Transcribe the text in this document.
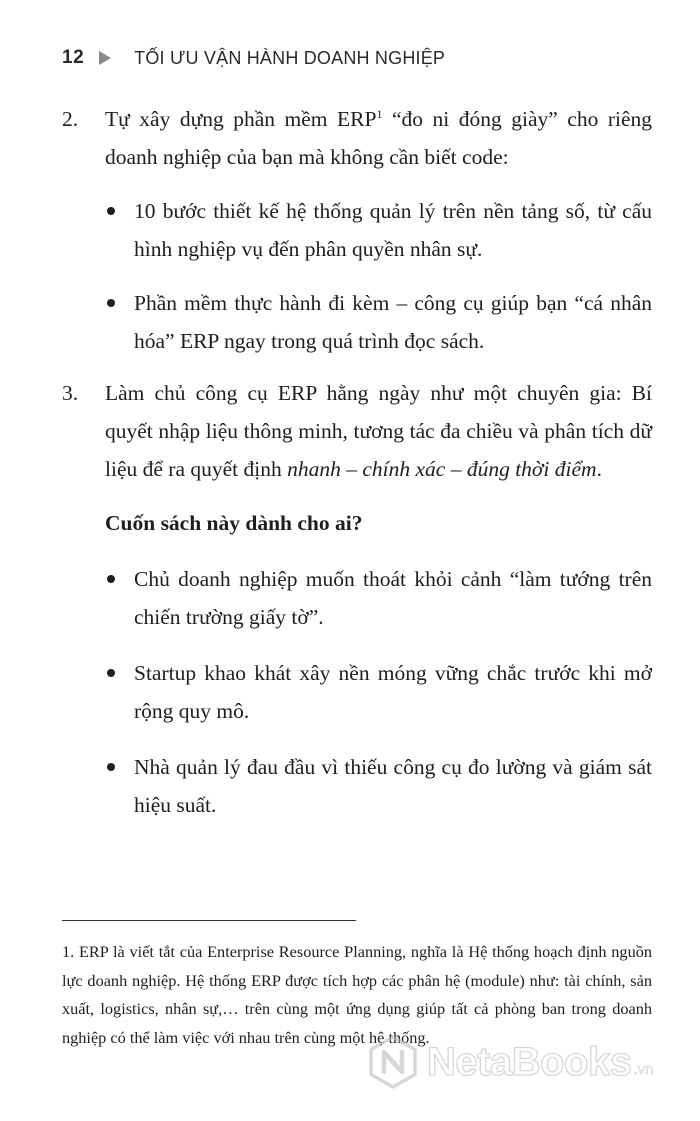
12	TỐI ƯU VẬN HÀNH DOANH NGHIỆP
2. Tự xây dựng phần mềm ERP$^1$ “đo ni đóng giày” cho riêng doanh nghiệp của bạn mà không cần biết code:

10 bước thiết kế hệ thống quản lý trên nền tảng số, từ cấu hình nghiệp vụ đến phân quyền nhân sự.
Phần mềm thực hành đi kèm – công cụ giúp bạn “cá nhân hóa” ERP ngay trong quá trình đọc sách.
3. Làm chủ công cụ ERP hằng ngày như một chuyên gia: Bí quyết nhập liệu thông minh, tương tác đa chiều và phân tích dữ liệu để ra quyết định nhanh – chính xác – đúng thời điểm.

Cuốn sách này dành cho ai?

Chủ doanh nghiệp muốn thoát khỏi cảnh “làm tướng trên chiến trường giấy tờ”.
Startup khao khát xây nền móng vững chắc trước khi mở rộng quy mô.
Nhà quản lý đau đầu vì thiếu công cụ đo lường và giám sát hiệu suất.
1. ERP là viết tắt của Enterprise Resource Planning, nghĩa là Hệ thống hoạch định nguồn lực doanh nghiệp. Hệ thống ERP được tích hợp các phân hệ (module) như: tài chính, sản xuất, logistics, nhân sự,… trên cùng một ứng dụng giúp tất cả phòng ban trong doanh nghiệp có thể làm việc với nhau trên cùng một hệ thống.
NetaBooks .vn
